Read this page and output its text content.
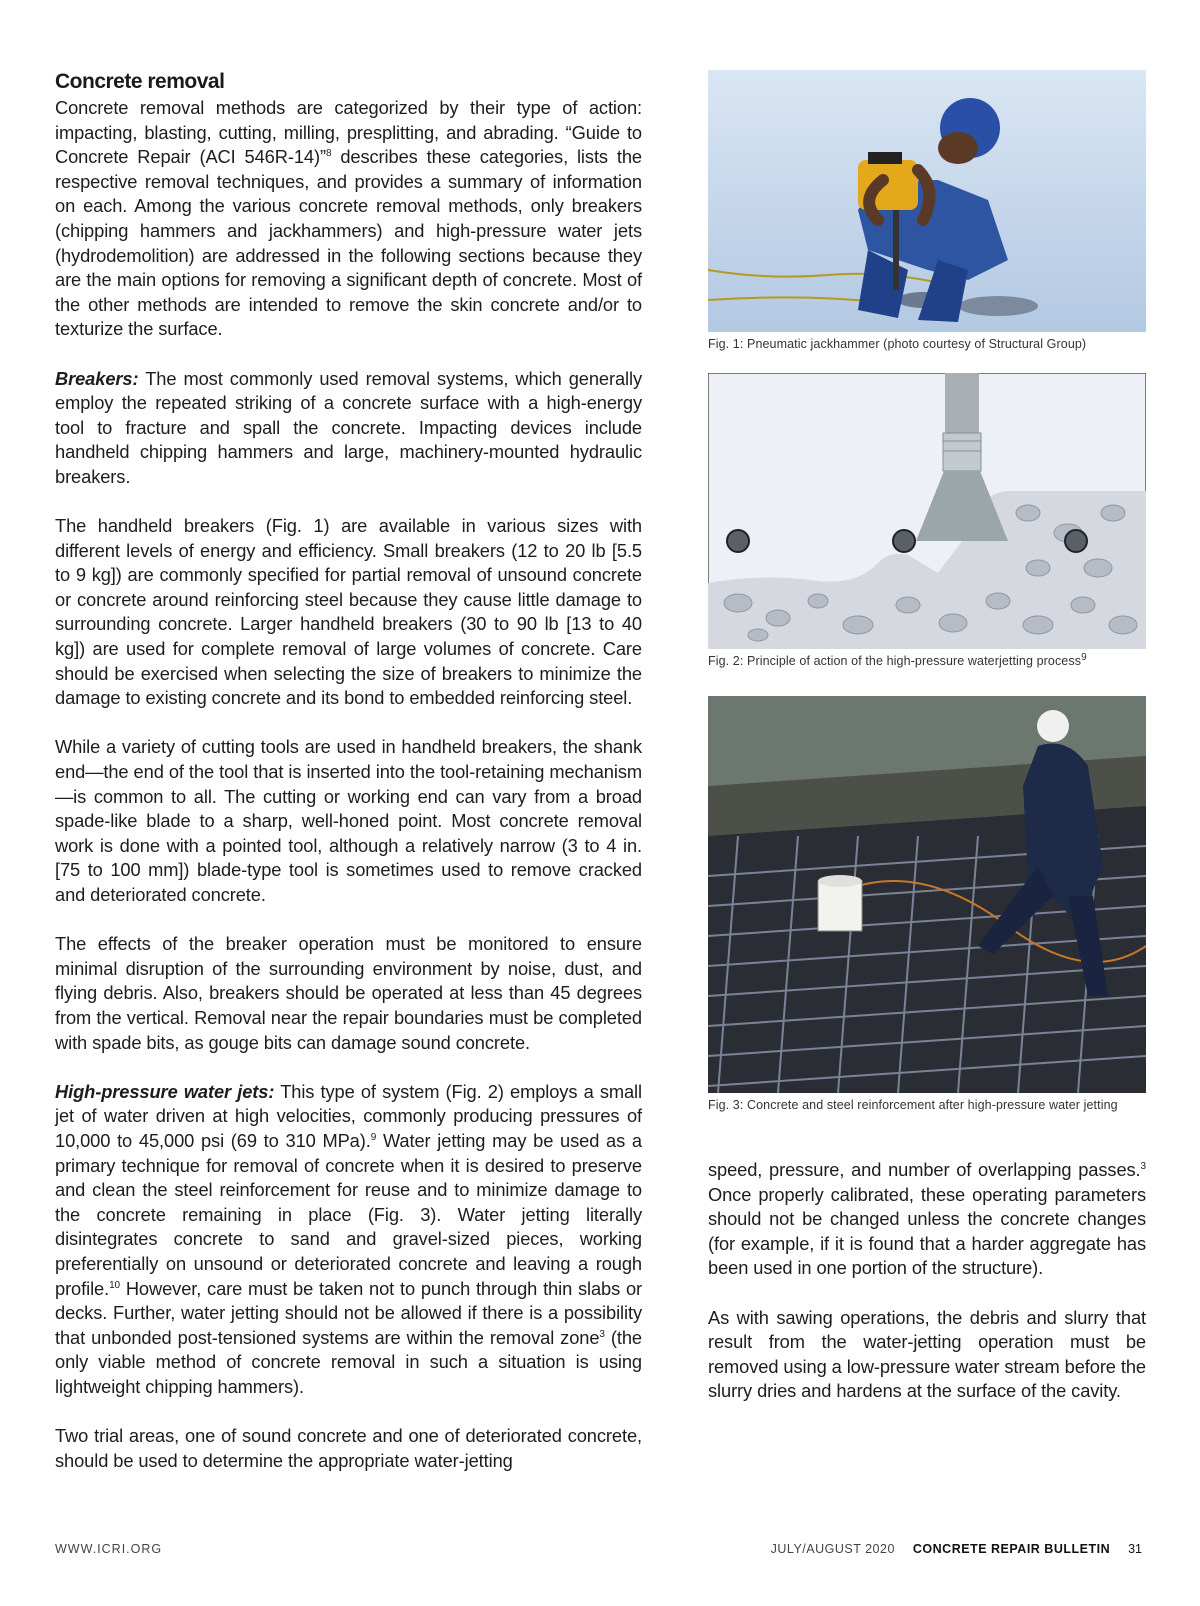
Concrete removal

Concrete removal methods are categorized by their type of action: impacting, blasting, cutting, milling, presplitting, and abrading. “Guide to Concrete Repair (ACI 546R-14)”$^8$ describes these categories, lists the respective removal techniques, and provides a summary of information on each. Among the various concrete removal methods, only breakers (chipping hammers and jackhammers) and high-pressure water jets (hydrodemolition) are addressed in the following sections because they are the main options for removing a significant depth of concrete. Most of the other methods are intended to remove the skin concrete and/or to texturize the surface.

Breakers: The most commonly used removal systems, which generally employ the repeated striking of a concrete surface with a high-energy tool to fracture and spall the concrete. Impacting devices include handheld chipping hammers and large, machinery-mounted hydraulic breakers.

The handheld breakers (Fig. 1) are available in various sizes with different levels of energy and efficiency. Small breakers (12 to 20 lb [5.5 to 9 kg]) are commonly specified for partial removal of unsound concrete or concrete around reinforcing steel because they cause little damage to surrounding concrete. Larger handheld breakers (30 to 90 lb [13 to 40 kg]) are used for complete removal of large volumes of concrete. Care should be exercised when selecting the size of breakers to minimize the damage to existing concrete and its bond to embedded reinforcing steel.

While a variety of cutting tools are used in handheld breakers, the shank end—the end of the tool that is inserted into the tool-retaining mechanism—is common to all. The cutting or working end can vary from a broad spade-like blade to a sharp, well-honed point. Most concrete removal work is done with a pointed tool, although a relatively narrow (3 to 4 in. [75 to 100 mm]) blade-type tool is sometimes used to remove cracked and deteriorated concrete.

The effects of the breaker operation must be monitored to ensure minimal disruption of the surrounding environment by noise, dust, and flying debris. Also, breakers should be operated at less than 45 degrees from the vertical. Removal near the repair boundaries must be completed with spade bits, as gouge bits can damage sound concrete.

High-pressure water jets: This type of system (Fig. 2) employs a small jet of water driven at high velocities, commonly producing pressures of 10,000 to 45,000 psi (69 to 310 MPa).$^9$ Water jetting may be used as a primary technique for removal of concrete when it is desired to preserve and clean the steel reinforcement for reuse and to minimize damage to the concrete remaining in place (Fig. 3). Water jetting literally disintegrates concrete to sand and gravel-sized pieces, working preferentially on unsound or deteriorated concrete and leaving a rough profile.$^{10}$ However, care must be taken not to punch through thin slabs or decks. Further, water jetting should not be allowed if there is a possibility that unbonded post-tensioned systems are within the removal zone$^3$ (the only viable method of concrete removal in such a situation is using lightweight chipping hammers).

Two trial areas, one of sound concrete and one of deteriorated concrete, should be used to determine the appropriate water-jetting

Fig. 1: Pneumatic jackhammer (photo courtesy of Structural Group)
Fig. 2: Principle of action of the high-pressure waterjetting process$^9$
Fig. 3: Concrete and steel reinforcement after high-pressure water jetting

speed, pressure, and number of overlapping passes.$^3$ Once properly calibrated, these operating parameters should not be changed unless the concrete changes (for example, if it is found that a harder aggregate has been used in one portion of the structure).

As with sawing operations, the debris and slurry that result from the water-jetting operation must be removed using a low-pressure water stream before the slurry dries and hardens at the surface of the cavity.

WWW.ICRI.ORG	JULY/AUGUST 2020 CONCRETE REPAIR BULLETIN 31
